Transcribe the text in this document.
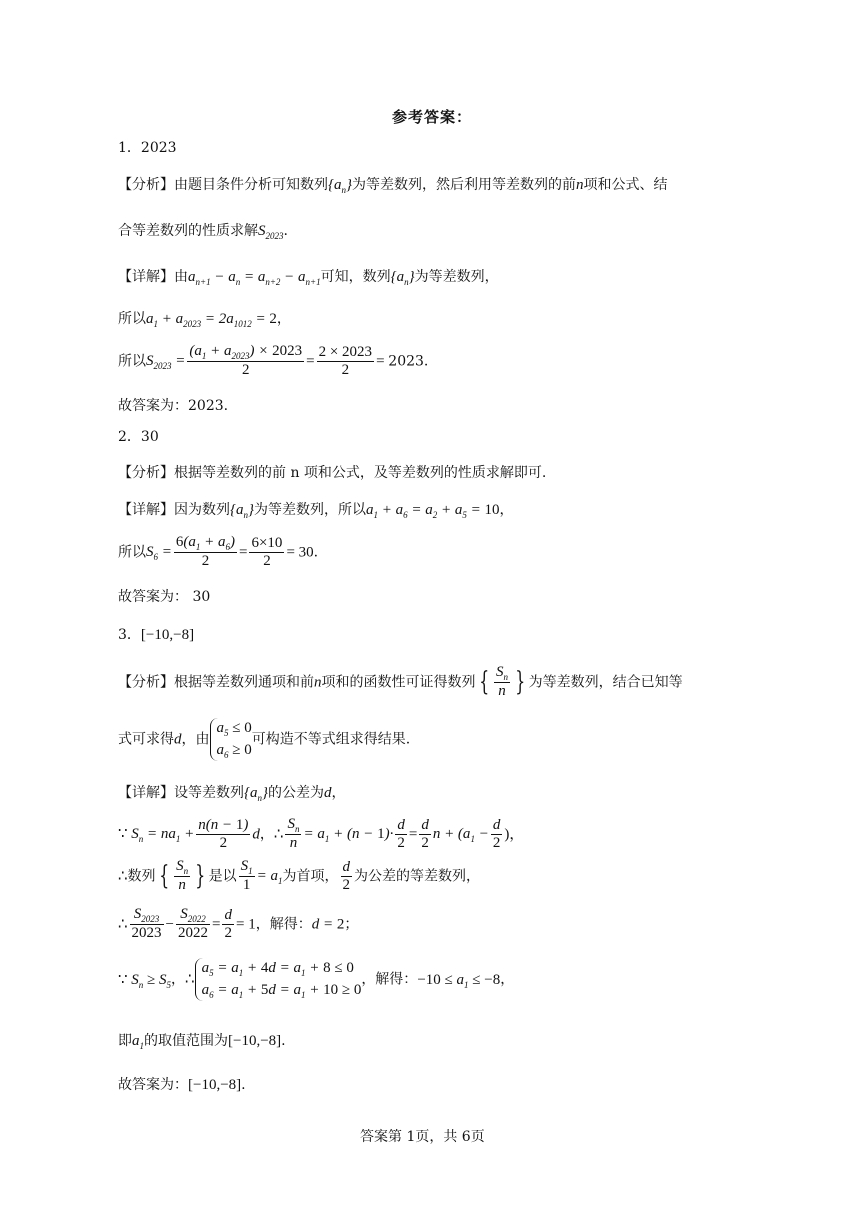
参考答案：
1．2023
【分析】由题目条件分析可知数列$\{a_n\}$为等差数列，然后利用等差数列的前n项和公式、结
合等差数列的性质求解$S_{2023}$.
【详解】由$a_{n+1} - a_n = a_{n+2} - a_{n+1}$可知，数列$\{a_n\}$为等差数列，
所以$a_1 + a_{2023} = 2a_{1012} = 2$，
所以$S_{2023} = \frac{(a_1 + a_{2023}) \times 2023}{2} = \frac{2 \times 2023}{2} = 2023$.
故答案为：2023.
2．30
【分析】根据等差数列的前 n 项和公式，及等差数列的性质求解即可.
【详解】因为数列$\{a_n\}$为等差数列，所以$a_1 + a_6 = a_2 + a_5 = 10$，
所以$S_6 = \frac{6(a_1 + a_6)}{2} = \frac{6\times 10}{2} = 30$.
故答案为： 30
3．[−10,−8]
【分析】根据等差数列通项和前n项和的函数性可证得数列 { $\frac{S_n}{n}$ } 为等差数列，结合已知等
式可求得d，由
$a_5 \le 0$
$a_6 \ge 0$
可构造不等式组求得结果.
【详解】设等差数列$\{a_n\}$的公差为d，
∵ $S_n = na_1 + \frac{n(n - 1)}{2}$ d，∴ $\frac{S_n}{n} = a_1 + (n - 1)\cdot \frac{d}{2} = \frac{d}{2}$ $n + (a_1 - \frac{d}{2}$ )，
∴数列 { $\frac{S_n}{n}$ } 是以 $\frac{S_1}{1} = a_1$为首项， $\frac{d}{2}$ 为公差的等差数列，
∴ $\frac{S_{2023}}{2023} - \frac{S_{2022}}{2022} = \frac{d}{2} = 1$，解得：d = 2；
∵ $S_n \ge S_5$，∴
$a_5 = a_1 + 4d = a_1 + 8 \le 0$
$a_6 = a_1 + 5d = a_1 + 10 \ge 0$
，解得：$-10 \le a_1 \le -8$，
即$a_1$的取值范围为[−10,−8].
故答案为：[−10,−8].
答案第 1页，共 6页
